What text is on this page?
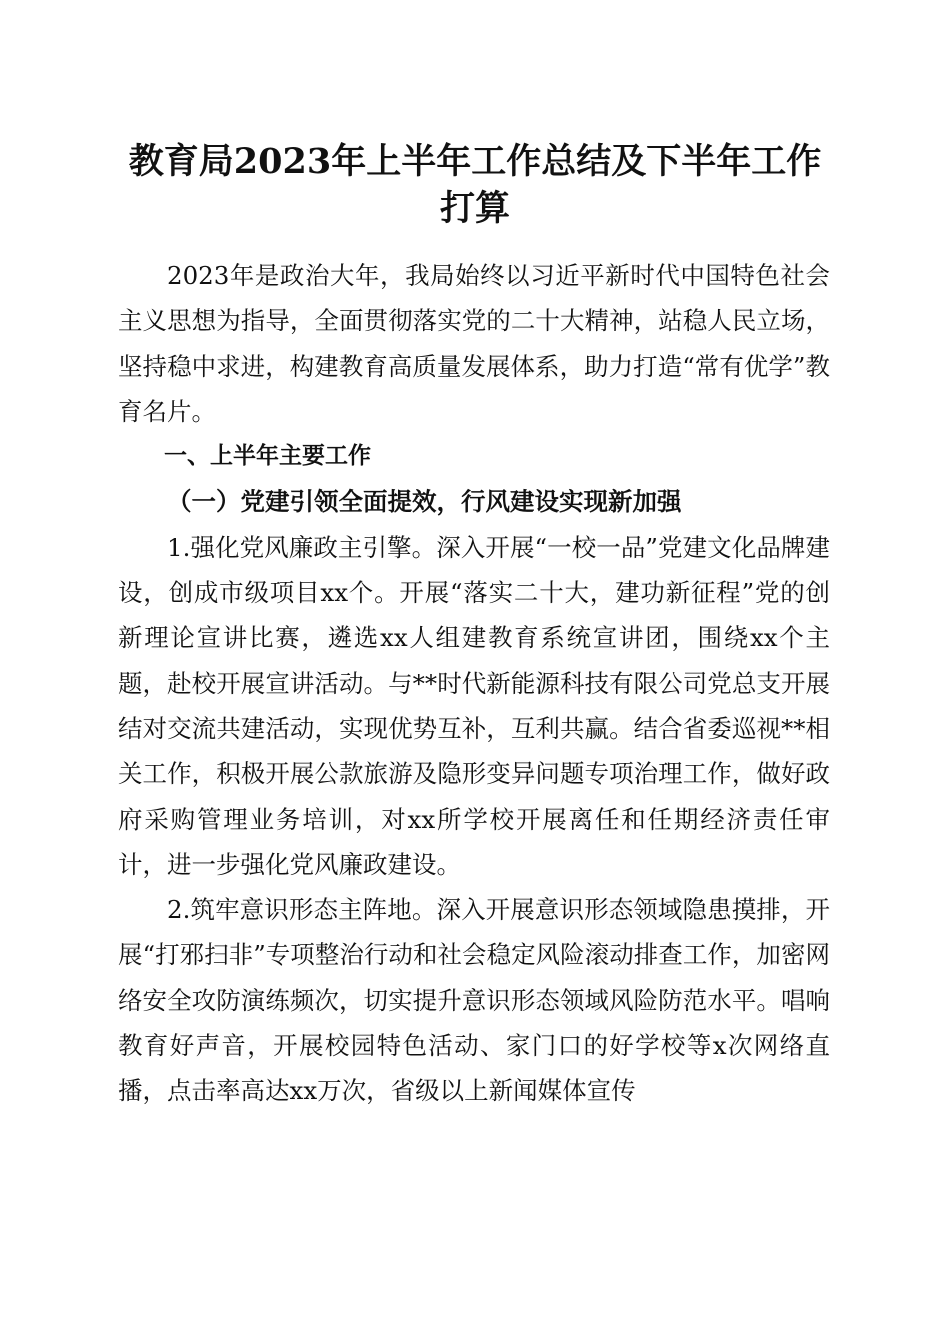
教育局2023年上半年工作总结及下半年工作
打算

2023年是政治大年，我局始终以习近平新时代中国特色社会主义思想为指导，全面贯彻落实党的二十大精神，站稳人民立场，坚持稳中求进，构建教育高质量发展体系，助力打造“常有优学”教育名片。

一、上半年主要工作

（一）党建引领全面提效，行风建设实现新加强

1.强化党风廉政主引擎。深入开展“一校一品”党建文化品牌建设，创成市级项目xx个。开展“落实二十大，建功新征程”党的创新理论宣讲比赛，遴选xx人组建教育系统宣讲团，围绕xx个主题，赴校开展宣讲活动。与**时代新能源科技有限公司党总支开展结对交流共建活动，实现优势互补，互利共赢。结合省委巡视**相关工作，积极开展公款旅游及隐形变异问题专项治理工作，做好政府采购管理业务培训，对xx所学校开展离任和任期经济责任审计，进一步强化党风廉政建设。

2.筑牢意识形态主阵地。深入开展意识形态领域隐患摸排，开展“打邪扫非”专项整治行动和社会稳定风险滚动排查工作，加密网络安全攻防演练频次，切实提升意识形态领域风险防范水平。唱响教育好声音，开展校园特色活动、家门口的好学校等x次网络直播，点击率高达xx万次，省级以上新闻媒体宣传
